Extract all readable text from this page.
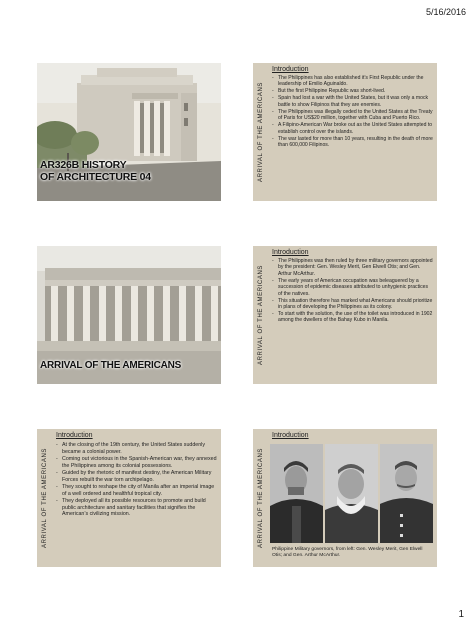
5/16/2016
AR326B HISTORY
OF ARCHITECTURE 04	ARRIVAL OF THE AMERICANS
Introduction
- The Philippines has also established it’s First Republic under the leadership of Emilio Aguinaldo.
- But the first Philippine Republic was short-lived.
- Spain had lost a war with the United States, but it was only a mock battle to show Filipinos that they are enemies.
- The Philippines was illegally ceded to the United States at the Treaty of Paris for US$20 million, together with Cuba and Puerto Rico.
- A Filipino-American War broke out as the United States attempted to establish control over the islands.
- The war lasted for more than 10 years, resulting in the death of more than 600,000 Filipinos.
ARRIVAL OF THE AMERICANS
ARRIVAL OF THE AMERICANS
Introduction
- The Philippines was then ruled by three military governors appointed by the president: Gen. Wesley Merit, Gen Elwell Otis; and Gen. Arthur McArthur.
- The early years of American occupation was beleaguered by a succession of epidemic diseases attributed to unhygienic practices of the natives.
- This situation therefore has marked what Americans should prioritize in plans of developing the Philippines as its colony.
- To start with the solution, the use of the toilet was introduced in 1902 among the dwellers of the Bahay Kubo in Manila.
ARRIVAL OF THE AMERICANS
Introduction
- At the closing of the 19th century, the United States suddenly became a colonial power.
- Coming out victorious in the Spanish-American war, they annexed the Philippines among its colonial possessions.
- Guided by the rhetoric of manifest destiny, the American Military Forces rebuilt the war torn archipelago.
- They sought to reshape the city of Manila after an imperial image of a well ordered and healthful tropical city.
- They deployed all its possible resources to promote and build public architecture and sanitary facilities that signifies the American’s civilizing mission.	ARRIVAL OF THE AMERICANS
Introduction
Philippine Military governors, from left: Gen. Wesley Merit, Gen Elwell Otis; and Gen. Arthur McArthur.
1
